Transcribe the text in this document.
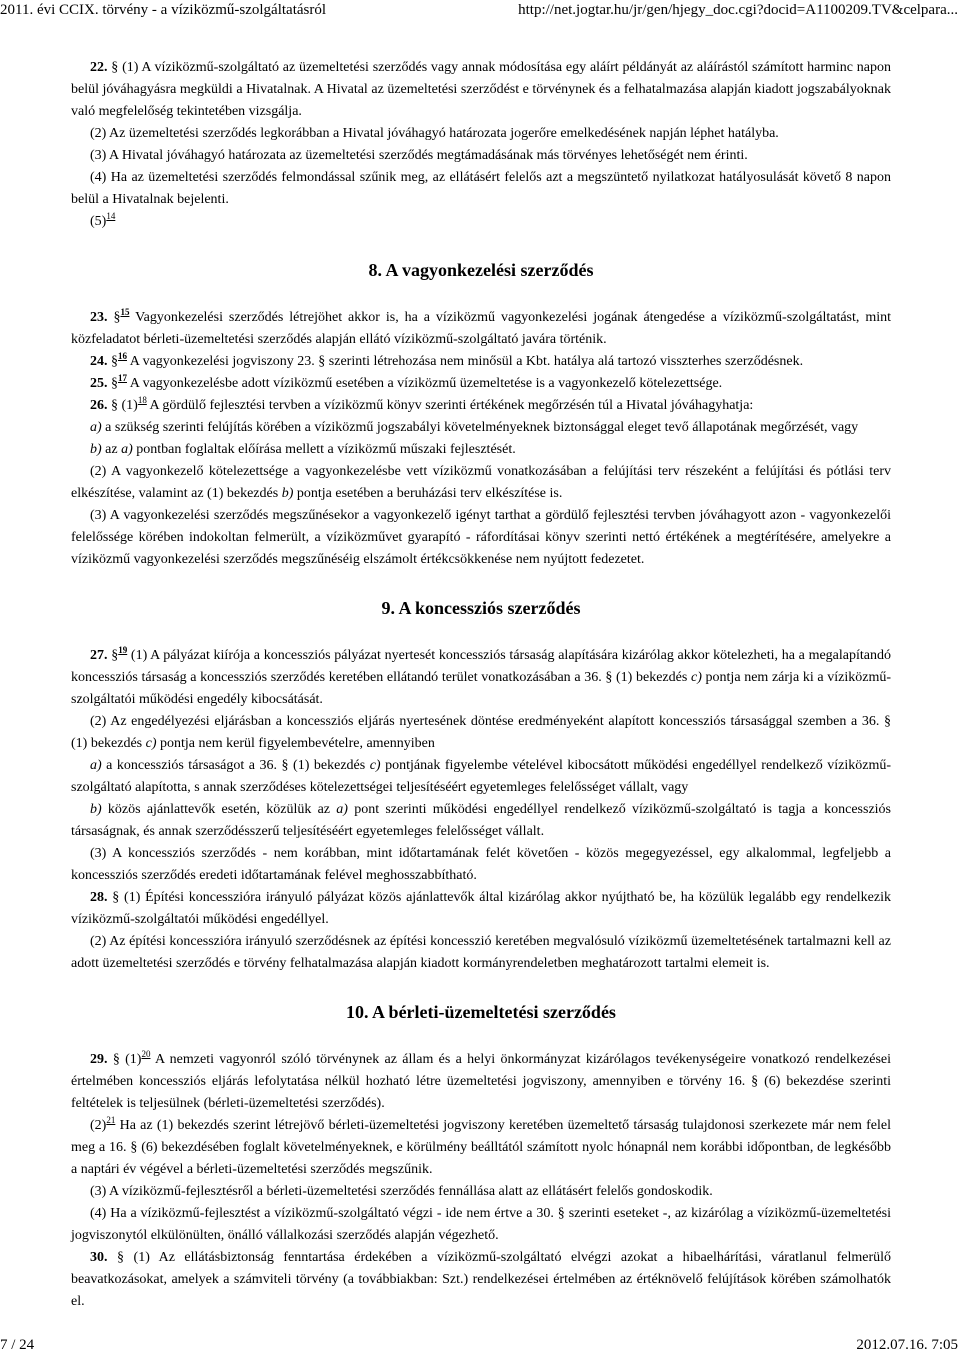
2011. évi CCIX. törvény - a víziközmű-szolgáltatásról	http://net.jogtar.hu/jr/gen/hjegy_doc.cgi?docid=A1100209.TV&celpara...

22. § (1) A víziközmű-szolgáltató az üzemeltetési szerződés vagy annak módosítása egy aláírt példányát az aláírástól számított harminc napon belül jóváhagyásra megküldi a Hivatalnak. A Hivatal az üzemeltetési szerződést e törvénynek és a felhatalmazása alapján kiadott jogszabályoknak való megfelelőség tekintetében vizsgálja.

(2) Az üzemeltetési szerződés legkorábban a Hivatal jóváhagyó határozata jogerőre emelkedésének napján léphet hatályba.

(3) A Hivatal jóváhagyó határozata az üzemeltetési szerződés megtámadásának más törvényes lehetőségét nem érinti.

(4) Ha az üzemeltetési szerződés felmondással szűnik meg, az ellátásért felelős azt a megszüntető nyilatkozat hatályosulását követő 8 napon belül a Hivatalnak bejelenti.

$(5)^{14}$

8. A vagyonkezelési szerződés

23. §$^{15}$ Vagyonkezelési szerződés létrejöhet akkor is, ha a víziközmű vagyonkezelési jogának átengedése a víziközmű-szolgáltatást, mint közfeladatot bérleti-üzemeltetési szerződés alapján ellátó víziközmű-szolgáltató javára történik.

24. §$^{16}$ A vagyonkezelési jogviszony 23. § szerinti létrehozása nem minősül a Kbt. hatálya alá tartozó visszterhes szerződésnek.

25. §$^{17}$ A vagyonkezelésbe adott víziközmű esetében a víziközmű üzemeltetése is a vagyonkezelő kötelezettsége.

26. § $(1)^{18}$ A gördülő fejlesztési tervben a víziközmű könyv szerinti értékének megőrzésén túl a Hivatal jóváhagyhatja:

a) a szükség szerinti felújítás körében a víziközmű jogszabályi követelményeknek biztonsággal eleget tevő állapotának megőrzését, vagy

b) az a) pontban foglaltak előírása mellett a víziközmű műszaki fejlesztését.

(2) A vagyonkezelő kötelezettsége a vagyonkezelésbe vett víziközmű vonatkozásában a felújítási terv részeként a felújítási és pótlási terv elkészítése, valamint az (1) bekezdés b) pontja esetében a beruházási terv elkészítése is.

(3) A vagyonkezelési szerződés megszűnésekor a vagyonkezelő igényt tarthat a gördülő fejlesztési tervben jóváhagyott azon - vagyonkezelői felelőssége körében indokoltan felmerült, a víziközművet gyarapító - ráfordításai könyv szerinti nettó értékének a megtérítésére, amelyekre a víziközmű vagyonkezelési szerződés megszűnéséig elszámolt értékcsökkenése nem nyújtott fedezetet.

9. A koncessziós szerződés

27. §$^{19}$ (1) A pályázat kiírója a koncessziós pályázat nyertesét koncessziós társaság alapítására kizárólag akkor kötelezheti, ha a megalapítandó koncessziós társaság a koncessziós szerződés keretében ellátandó terület vonatkozásában a 36. § (1) bekezdés c) pontja nem zárja ki a víziközmű-szolgáltatói működési engedély kibocsátását.

(2) Az engedélyezési eljárásban a koncessziós eljárás nyertesének döntése eredményeként alapított koncessziós társasággal szemben a 36. § (1) bekezdés c) pontja nem kerül figyelembevételre, amennyiben

a) a koncessziós társaságot a 36. § (1) bekezdés c) pontjának figyelembe vételével kibocsátott működési engedéllyel rendelkező víziközmű-szolgáltató alapította, s annak szerződéses kötelezettségei teljesítéséért egyetemleges felelősséget vállalt, vagy

b) közös ajánlattevők esetén, közülük az a) pont szerinti működési engedéllyel rendelkező víziközmű-szolgáltató is tagja a koncessziós társaságnak, és annak szerződésszerű teljesítéséért egyetemleges felelősséget vállalt.

(3) A koncessziós szerződés - nem korábban, mint időtartamának felét követően - közös megegyezéssel, egy alkalommal, legfeljebb a koncessziós szerződés eredeti időtartamának felével meghosszabbítható.

28. § (1) Építési koncesszióra irányuló pályázat közös ajánlattevők által kizárólag akkor nyújtható be, ha közülük legalább egy rendelkezik víziközmű-szolgáltatói működési engedéllyel.

(2) Az építési koncesszióra irányuló szerződésnek az építési koncesszió keretében megvalósuló víziközmű üzemeltetésének tartalmazni kell az adott üzemeltetési szerződés e törvény felhatalmazása alapján kiadott kormányrendeletben meghatározott tartalmi elemeit is.

10. A bérleti-üzemeltetési szerződés

29. § $(1)^{20}$ A nemzeti vagyonról szóló törvénynek az állam és a helyi önkormányzat kizárólagos tevékenységeire vonatkozó rendelkezései értelmében koncessziós eljárás lefolytatása nélkül hozható létre üzemeltetési jogviszony, amennyiben e törvény 16. § (6) bekezdése szerinti feltételek is teljesülnek (bérleti-üzemeltetési szerződés).

$(2)^{21}$ Ha az (1) bekezdés szerint létrejövő bérleti-üzemeltetési jogviszony keretében üzemeltető társaság tulajdonosi szerkezete már nem felel meg a 16. § (6) bekezdésében foglalt követelményeknek, e körülmény beálltától számított nyolc hónapnál nem korábbi időpontban, de legkésőbb a naptári év végével a bérleti-üzemeltetési szerződés megszűnik.

(3) A víziközmű-fejlesztésről a bérleti-üzemeltetési szerződés fennállása alatt az ellátásért felelős gondoskodik.

(4) Ha a víziközmű-fejlesztést a víziközmű-szolgáltató végzi - ide nem értve a 30. § szerinti eseteket -, az kizárólag a víziközmű-üzemeltetési jogviszonytól elkülönülten, önálló vállalkozási szerződés alapján végezhető.

30. § (1) Az ellátásbiztonság fenntartása érdekében a víziközmű-szolgáltató elvégzi azokat a hibaelhárítási, váratlanul felmerülő beavatkozásokat, amelyek a számviteli törvény (a továbbiakban: Szt.) rendelkezései értelmében az értéknövelő felújítások körében számolhatók el.

7 / 24	2012.07.16. 7:05
